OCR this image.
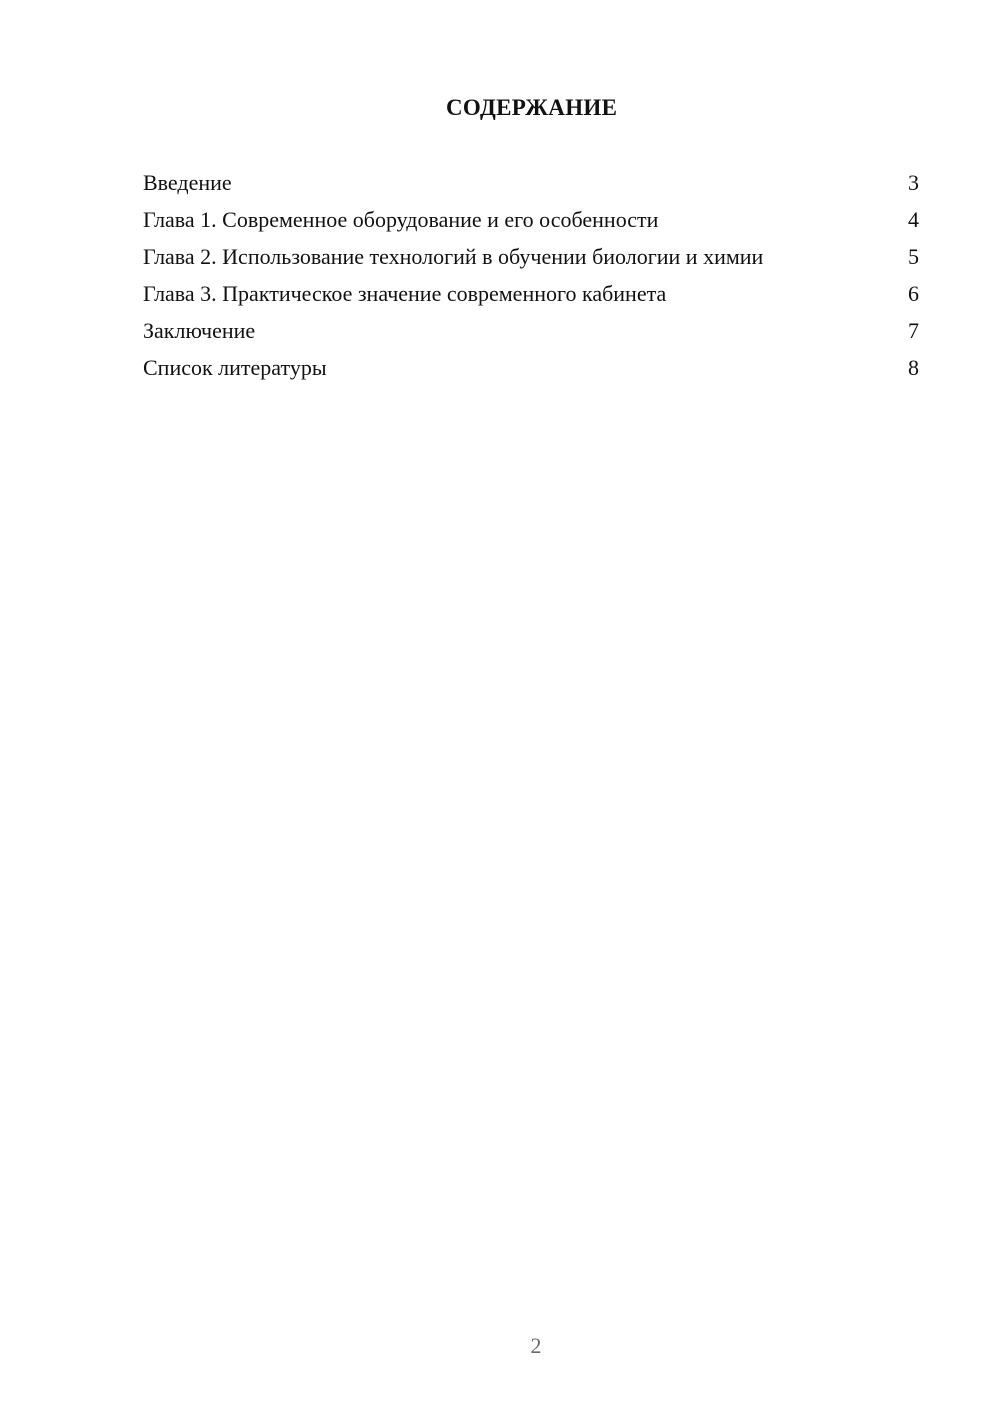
СОДЕРЖАНИЕ
Введение	3
Глава 1. Современное оборудование и его особенности	4
Глава 2. Использование технологий в обучении биологии и химии	5
Глава 3. Практическое значение современного кабинета	6
Заключение	7
Список литературы	8
2
